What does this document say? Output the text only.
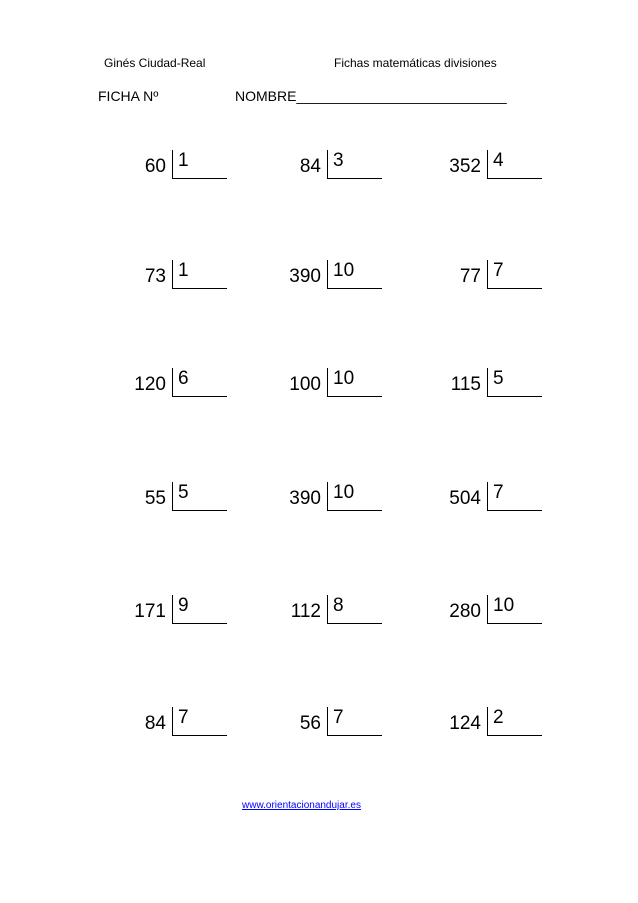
Ginés Ciudad-Real	Fichas matemáticas divisiones
FICHA Nº	NOMBRE___________________________
60 1	84 3	352 4
73 1	390 10	77 7
120 6	100 10	115 5
55 5	390 10	504 7
171 9	112 8	280 10
84 7	56 7	124 2
www.orientacionandujar.es
